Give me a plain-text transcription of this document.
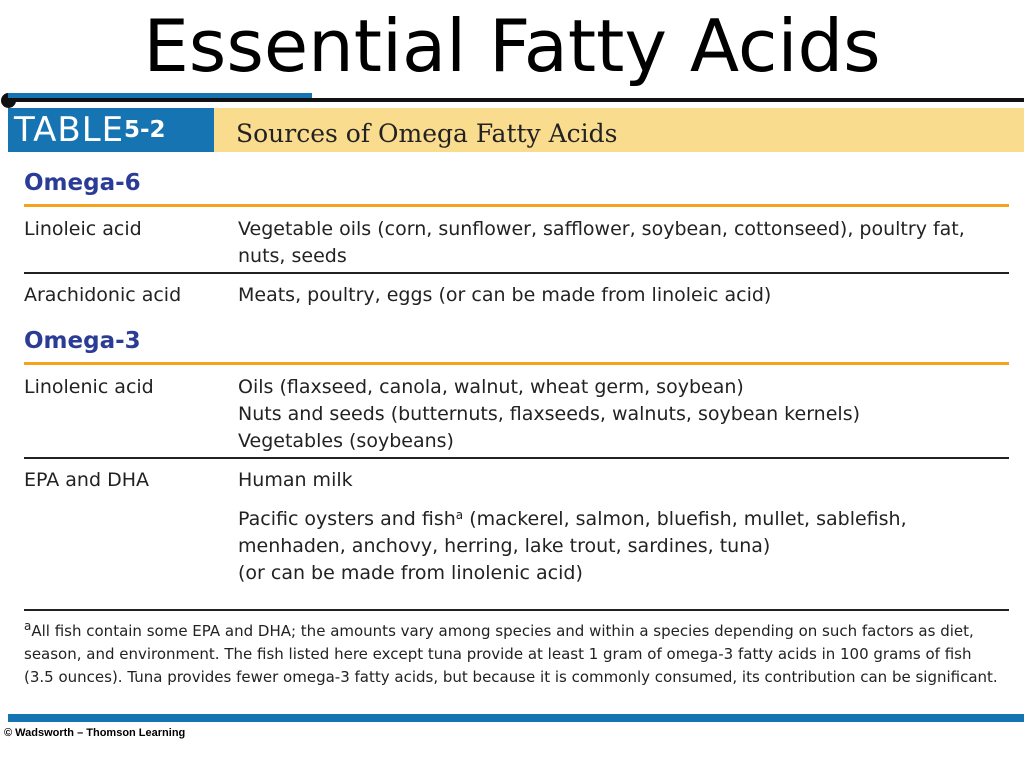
Essential Fatty Acids
TABLE 5-2	Sources of Omega Fatty Acids
Omega-6
Linoleic acid	Vegetable oils (corn, sunflower, safflower, soybean, cottonseed), poultry fat,
nuts, seeds
Arachidonic acid	Meats, poultry, eggs (or can be made from linoleic acid)
Omega-3
Linolenic acid	Oils (flaxseed, canola, walnut, wheat germ, soybean)
Nuts and seeds (butternuts, flaxseeds, walnuts, soybean kernels)
Vegetables (soybeans)
EPA and DHA	Human milk
Pacific oysters and fish$^a$ (mackerel, salmon, bluefish, mullet, sablefish,
menhaden, anchovy, herring, lake trout, sardines, tuna)
(or can be made from linolenic acid)
$^a$All fish contain some EPA and DHA; the amounts vary among species and within a species depending on such factors as diet,
season, and environment. The fish listed here except tuna provide at least 1 gram of omega-3 fatty acids in 100 grams of fish
(3.5 ounces). Tuna provides fewer omega-3 fatty acids, but because it is commonly consumed, its contribution can be significant.
© Wadsworth – Thomson Learning
